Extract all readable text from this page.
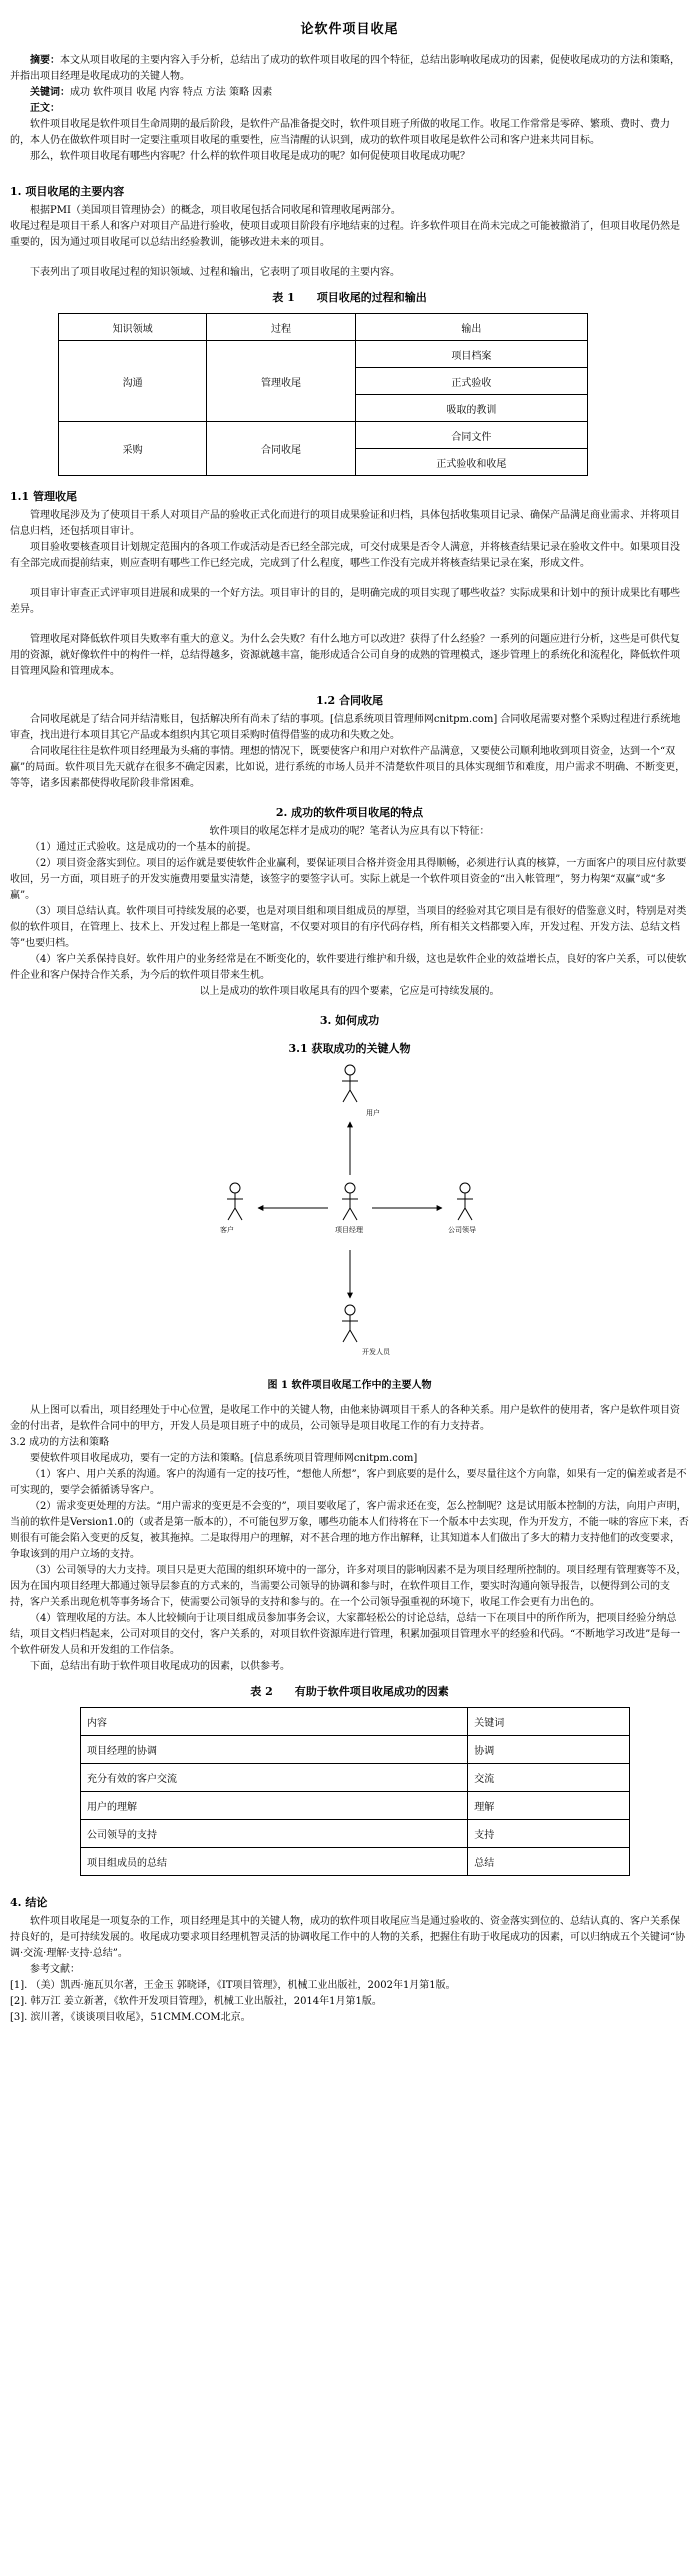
论软件项目收尾

摘要：本文从项目收尾的主要内容入手分析，总结出了成功的软件项目收尾的四个特征，总结出影响收尾成功的因素，促使收尾成功的方法和策略，并指出项目经理是收尾成功的关键人物。

关键词：成功 软件项目 收尾 内容 特点 方法 策略 因素

正文：

软件项目收尾是软件项目生命周期的最后阶段，是软件产品准备提交时，软件项目班子所做的收尾工作。收尾工作常常是零碎、繁琐、费时、费力的，本人仍在做软件项目时一定要注重项目收尾的重要性，应当清醒的认识到，成功的软件项目收尾是软件公司和客户进来共同目标。

那么，软件项目收尾有哪些内容呢？什么样的软件项目收尾是成功的呢？如何促使项目收尾成功呢？

1. 项目收尾的主要内容

根据PMI（美国项目管理协会）的概念，项目收尾包括合同收尾和管理收尾两部分。

收尾过程是项目干系人和客户对项目产品进行验收，使项目或项目阶段有序地结束的过程。许多软件项目在尚未完成之可能被撤消了，但项目收尾仍然是重要的，因为通过项目收尾可以总结出经验教训，能够改进未来的项目。

下表列出了项目收尾过程的知识领域、过程和输出，它表明了项目收尾的主要内容。

表 1　　项目收尾的过程和输出
知识领域	过程	输出
沟通	管理收尾	项目档案
		正式验收
		吸取的教训
采购	合同收尾	合同文件
		正式验收和收尾
1.1 管理收尾

管理收尾涉及为了使项目干系人对项目产品的验收正式化而进行的项目成果验证和归档，具体包括收集项目记录、确保产品满足商业需求、并将项目信息归档，还包括项目审计。

项目验收要核查项目计划规定范围内的各项工作或活动是否已经全部完成，可交付成果是否令人满意，并将核查结果记录在验收文件中。如果项目没有全部完成而提前结束，则应查明有哪些工作已经完成，完成到了什么程度，哪些工作没有完成并将核查结果记录在案，形成文件。

项目审计审查正式评审项目进展和成果的一个好方法。项目审计的目的，是明确完成的项目实现了哪些收益？实际成果和计划中的预计成果比有哪些差异。

管理收尾对降低软件项目失败率有重大的意义。为什么会失败？有什么地方可以改进？获得了什么经验？一系列的问题应进行分析，这些是可供代复用的资源，就好像软件中的构件一样，总结得越多，资源就越丰富，能形成适合公司自身的成熟的管理模式，逐步管理上的系统化和流程化，降低软件项目管理风险和管理成本。

1.2 合同收尾

合同收尾就是了结合同并结清账目，包括解决所有尚未了结的事项。[信息系统项目管理师网cnitpm.com] 合同收尾需要对整个采购过程进行系统地审查，找出进行本项目其它产品或本组织内其它项目采购时值得借鉴的成功和失败之处。

合同收尾往往是软件项目经理最为头痛的事情。理想的情况下，既要使客户和用户对软件产品满意，又要使公司顺利地收到项目资金，达到一个“双赢”的局面。软件项目先天就存在很多不确定因素，比如说，进行系统的市场人员并不清楚软件项目的具体实现细节和难度，用户需求不明确、不断变更，等等，诸多因素都使得收尾阶段非常困难。

2. 成功的软件项目收尾的特点

软件项目的收尾怎样才是成功的呢？笔者认为应具有以下特征：

（1）通过正式验收。这是成功的一个基本的前提。

（2）项目资金落实到位。项目的运作就是要使软件企业赢利，要保证项目合格并资金用具得顺畅，必须进行认真的核算，一方面客户的项目应付款要收回，另一方面，项目班子的开发实施费用要量实清楚，该签字的要签字认可。实际上就是一个软件项目资金的“出入帐管理”，努力构架“双赢”或“多赢”。

（3）项目总结认真。软件项目可持续发展的必要，也是对项目组和项目组成员的厚望，当项目的经验对其它项目是有很好的借鉴意义时，特别是对类似的软件项目，在管理上、技术上、开发过程上都是一笔财富，不仅要对项目的有序代码存档，所有相关文档都要入库，开发过程、开发方法、总结文档等”也要归档。

（4）客户关系保持良好。软件用户的业务经常是在不断变化的，软件要进行维护和升级，这也是软件企业的效益增长点，良好的客户关系，可以使软件企业和客户保持合作关系，为今后的软件项目带来生机。

以上是成功的软件项目收尾具有的四个要素，它应是可持续发展的。

3. 如何成功
3.1 获取成功的关键人物
用户
客户	项目经理	公司领导
开发人员
图 1 软件项目收尾工作中的主要人物

从上图可以看出，项目经理处于中心位置，是收尾工作中的关键人物，由他来协调项目干系人的各种关系。用户是软件的使用者，客户是软件项目资金的付出者，是软件合同中的甲方，开发人员是项目班子中的成员，公司领导是项目收尾工作的有力支持者。

3.2 成功的方法和策略

要使软件项目收尾成功，要有一定的方法和策略。[信息系统项目管理师网cnitpm.com]

（1）客户、用户关系的沟通。客户的沟通有一定的技巧性，“想他人所想”，客户到底要的是什么，要尽量往这个方向靠，如果有一定的偏差或者是不可实现的，要学会循循诱导客户。

（2）需求变更处理的方法。“用户需求的变更是不会变的”，项目要收尾了，客户需求还在变，怎么控制呢？这是试用版本控制的方法，向用户声明，当前的软件是Version1.0的（或者是第一版本的），不可能包罗万象，哪些功能本人们待将在下一个版本中去实现，作为开发方，不能一味的容应下来，否则很有可能会陷入变更的反复，被其拖掉。二是取得用户的理解，对不甚合理的地方作出解释，让其知道本人们做出了多大的精力支持他们的改变要求，争取该到的用户立场的支持。

（3）公司领导的大力支持。项目只是更大范围的组织环境中的一部分，许多对项目的影响因素不是为项目经理所控制的。项目经理有管理赛等不及，因为在国内项目经理大都通过领导层参直的方式来的，当需要公司领导的协调和参与时，在软件项目工作，要实时沟通向领导报告，以便得到公司的支持，客户关系出现危机等事务场合下，使需要公司领导的支持和参与的。在一个公司领导强重视的环境下，收尾工作会更有力出色的。

（4）管理收尾的方法。本人比较倾向于让项目组成员参加事务会议，大家都轻松公的讨论总结，总结一下在项目中的所作所为，把项目经验分纳总结，项目文档归档起来，公司对项目的交付，客户关系的，对项目软件资源库进行管理，积累加强项目管理水平的经验和代码。“不断地学习改进”是每一个软件研发人员和开发组的工作信条。

下面，总结出有助于软件项目收尾成功的因素，以供参考。

表 2　　有助于软件项目收尾成功的因素
内容	关键词
项目经理的协调	协调
充分有效的客户交流	交流
用户的理解	理解
公司领导的支持	支持
项目组成员的总结	总结
4. 结论

软件项目收尾是一项复杂的工作，项目经理是其中的关键人物，成功的软件项目收尾应当是通过验收的、资金落实到位的、总结认真的、客户关系保持良好的，是可持续发展的。收尾成功要求项目经理机智灵活的协调收尾工作中的人物的关系，把握住有助于收尾成功的因素，可以归纳成五个关键词“协调·交流·理解·支持·总结”。

参考文献：

[1]. （美）凯西·施瓦贝尔著，王金玉 郭晓译，《IT项目管理》，机械工业出版社，2002年1月第1版。

[2]. 韩万江 姜立新著，《软件开发项目管理》，机械工业出版社，2014年1月第1版。

[3]. 滨川著，《谈谈项目收尾》，51CMM.COM北京。
